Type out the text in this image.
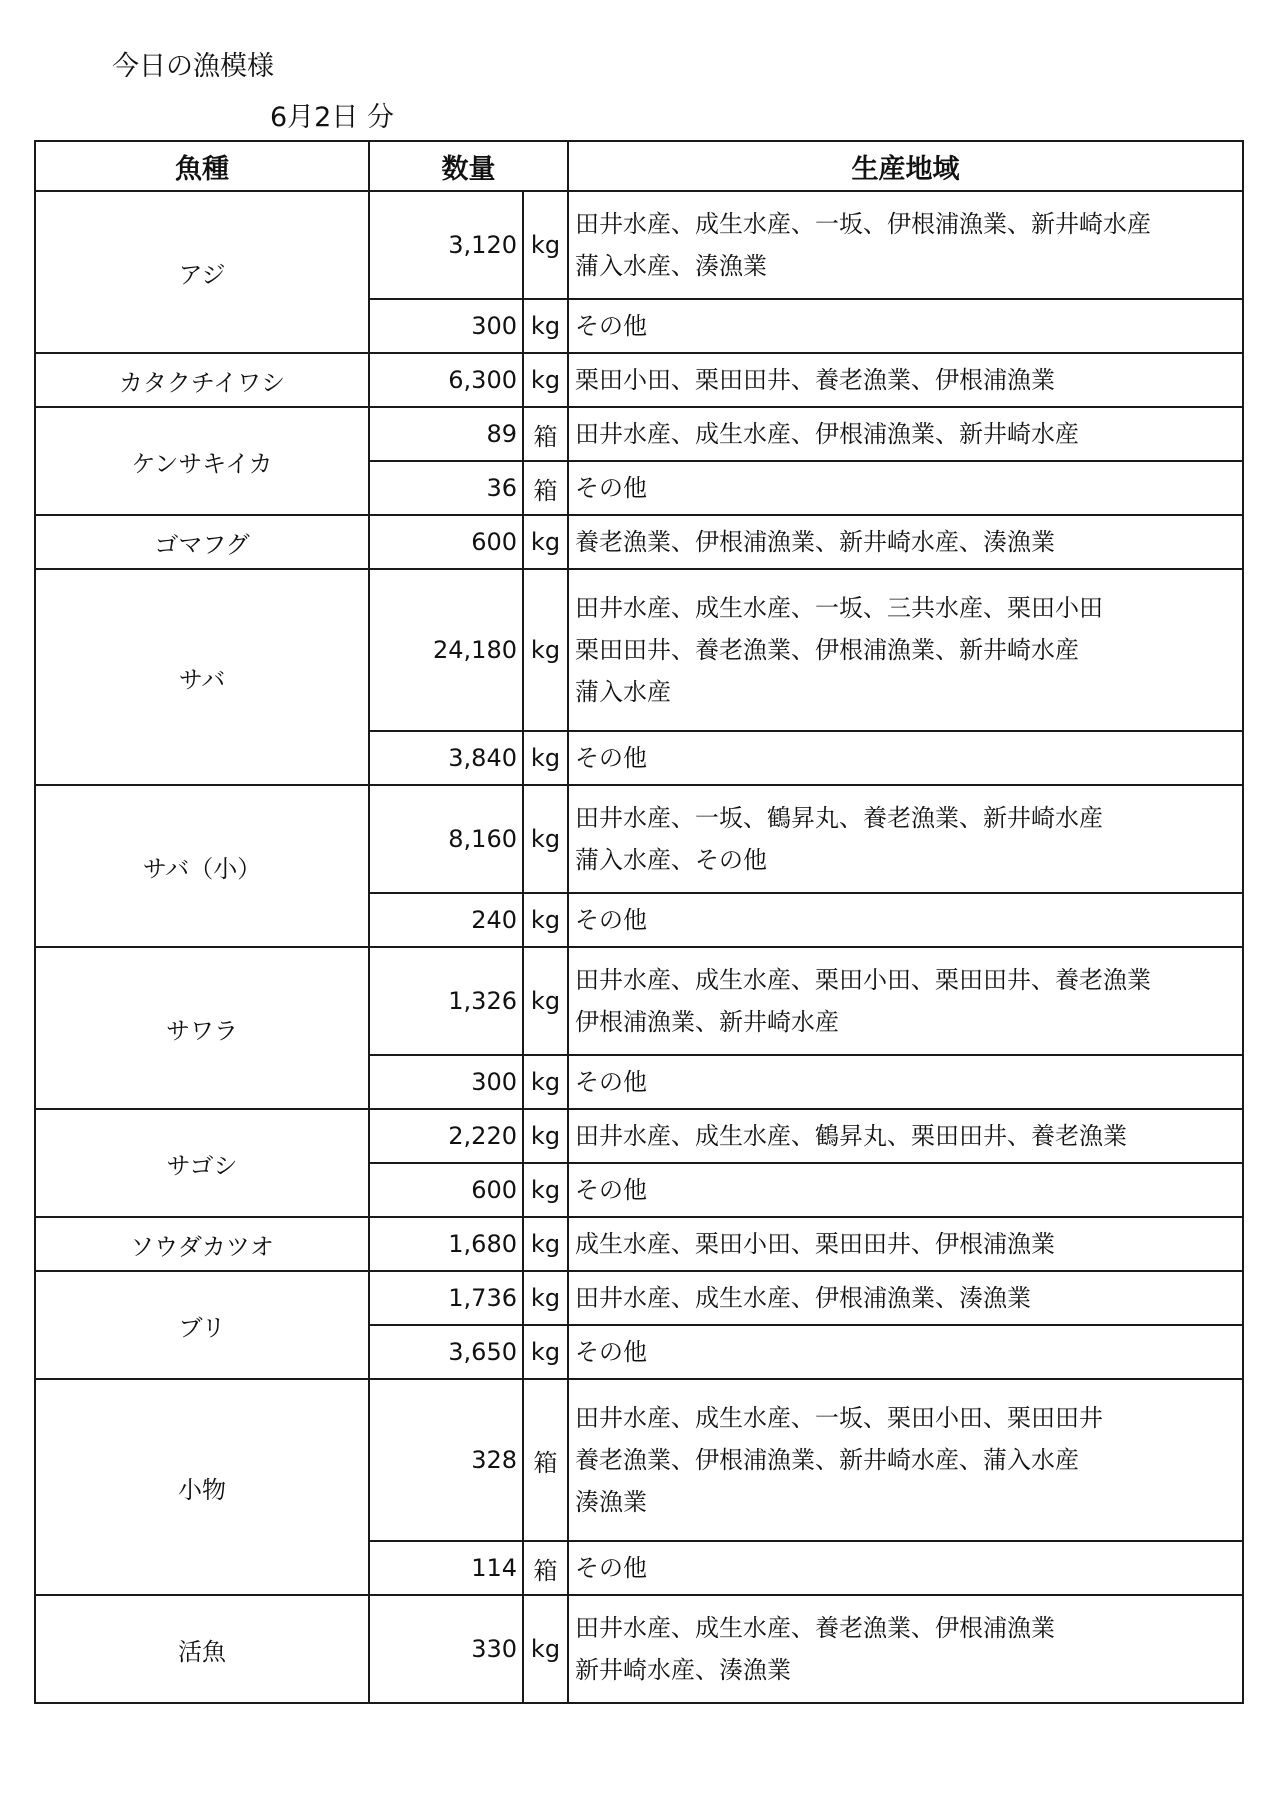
今日の漁模様
6月2日 分
魚種	数量		生産地域
アジ	3,120	kg	田井水産、成生水産、一坂、伊根浦漁業、新井崎水産
蒲入水産、湊漁業

	300	kg	その他

カタクチイワシ	6,300	kg	栗田小田、栗田田井、養老漁業、伊根浦漁業

ケンサキイカ	89	箱	田井水産、成生水産、伊根浦漁業、新井崎水産

	36	箱	その他

ゴマフグ	600	kg	養老漁業、伊根浦漁業、新井崎水産、湊漁業

サバ	24,180	kg	田井水産、成生水産、一坂、三共水産、栗田小田
栗田田井、養老漁業、伊根浦漁業、新井崎水産
蒲入水産

	3,840	kg	その他

サバ（小）	8,160	kg	田井水産、一坂、鶴昇丸、養老漁業、新井崎水産
蒲入水産、その他

	240	kg	その他

サワラ	1,326	kg	田井水産、成生水産、栗田小田、栗田田井、養老漁業
伊根浦漁業、新井崎水産

	300	kg	その他

サゴシ	2,220	kg	田井水産、成生水産、鶴昇丸、栗田田井、養老漁業

	600	kg	その他

ソウダカツオ	1,680	kg	成生水産、栗田小田、栗田田井、伊根浦漁業

ブリ	1,736	kg	田井水産、成生水産、伊根浦漁業、湊漁業

	3,650	kg	その他

小物	328	箱	田井水産、成生水産、一坂、栗田小田、栗田田井
養老漁業、伊根浦漁業、新井崎水産、蒲入水産
湊漁業

	114	箱	その他

活魚	330	kg	田井水産、成生水産、養老漁業、伊根浦漁業
新井崎水産、湊漁業
